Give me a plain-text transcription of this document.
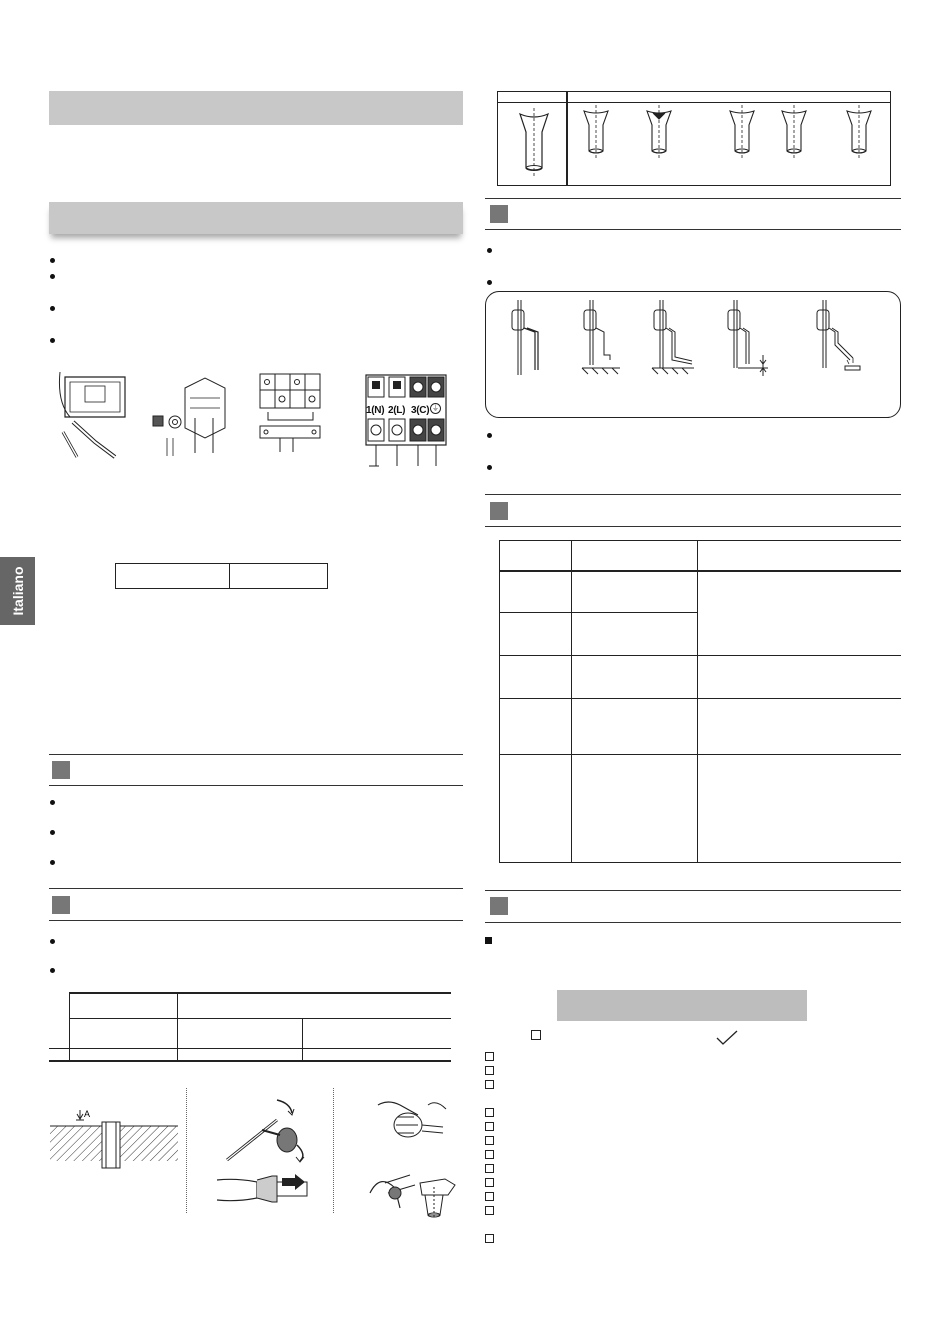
1(N) 2(L) 3(C) ⏚
A
Italiano
